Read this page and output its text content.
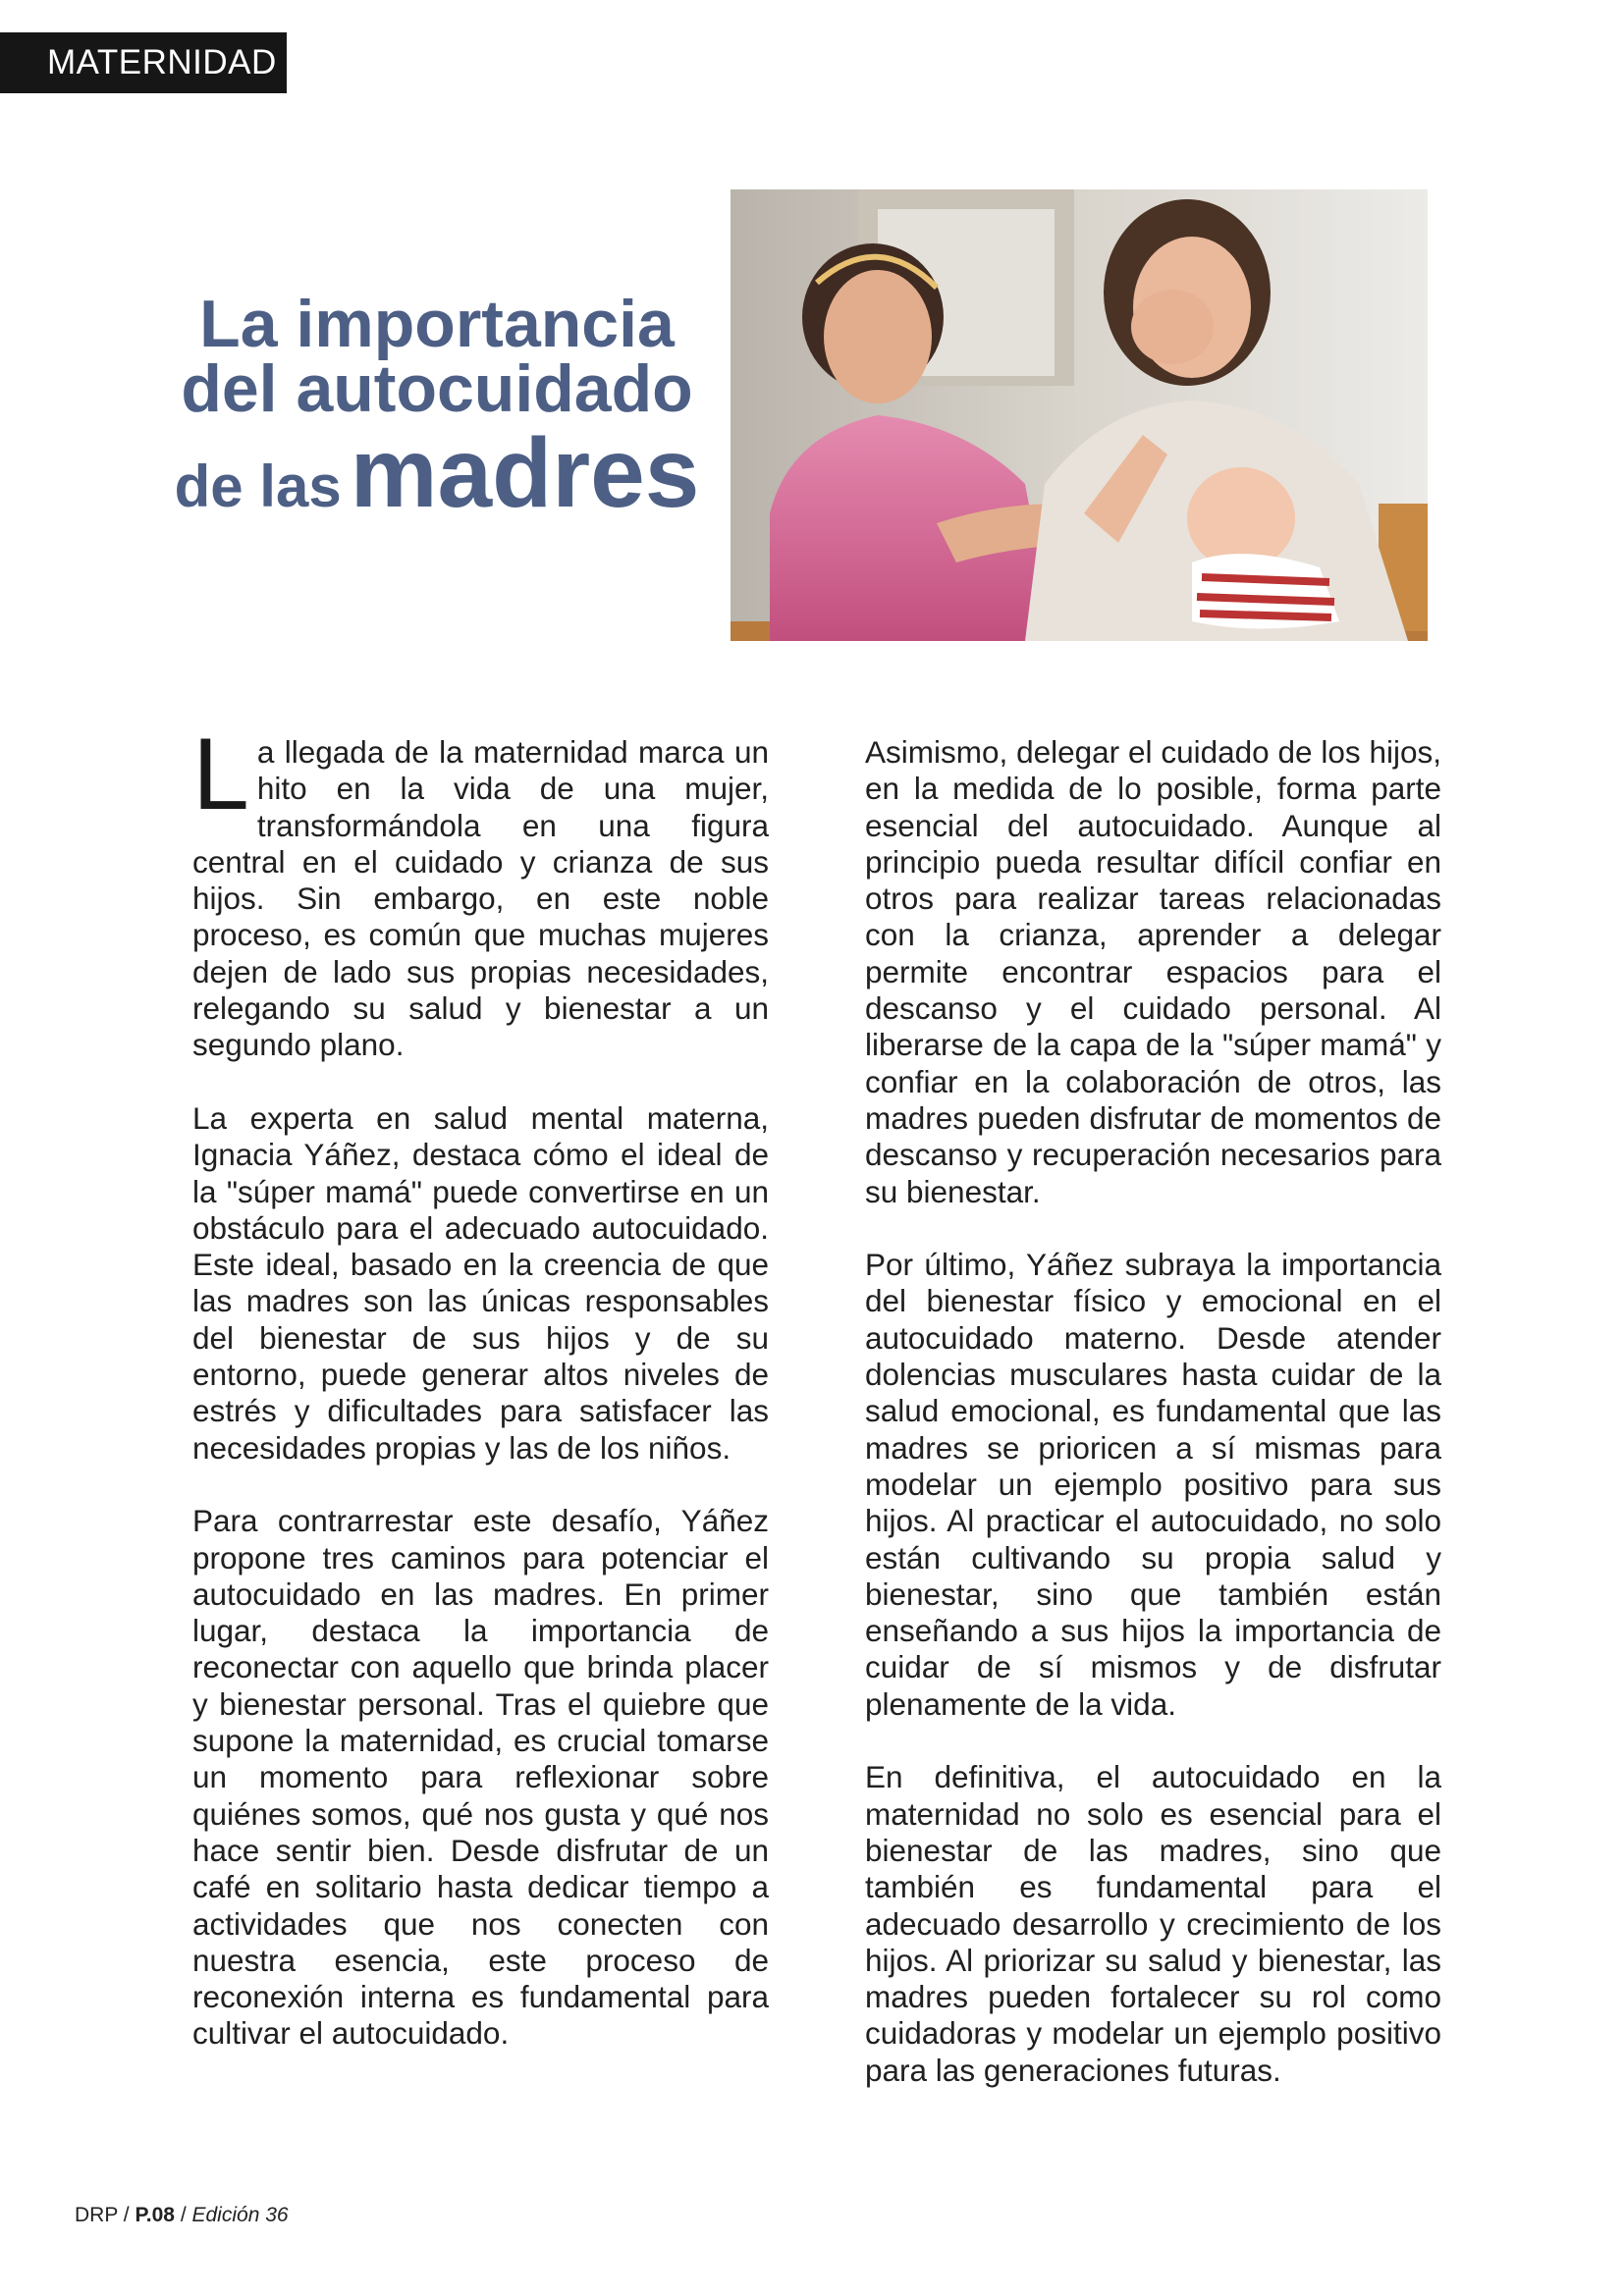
MATERNIDAD
La importancia
del autocuidado
de las madres

La llegada de la maternidad marca un hito en la vida de una mujer, transformándola en una figura central en el cuidado y crianza de sus hijos. Sin embargo, en este noble proceso, es común que muchas mujeres dejen de lado sus propias necesidades, relegando su salud y bienestar a un segundo plano.

La experta en salud mental materna, Ignacia Yáñez, destaca cómo el ideal de la "súper mamá" puede convertirse en un obstáculo para el adecuado autocuidado. Este ideal, basado en la creencia de que las madres son las únicas responsables del bienestar de sus hijos y de su entorno, puede generar altos niveles de estrés y dificultades para satisfacer las necesidades propias y las de los niños.

Para contrarrestar este desafío, Yáñez propone tres caminos para potenciar el autocuidado en las madres. En primer lugar, destaca la importancia de reconectar con aquello que brinda placer y bienestar personal. Tras el quiebre que supone la maternidad, es crucial tomarse un momento para reflexionar sobre quiénes somos, qué nos gusta y qué nos hace sentir bien. Desde disfrutar de un café en solitario hasta dedicar tiempo a actividades que nos conecten con nuestra esencia, este proceso de reconexión interna es fundamental para cultivar el autocuidado.

Asimismo, delegar el cuidado de los hijos, en la medida de lo posible, forma parte esencial del autocuidado. Aunque al principio pueda resultar difícil confiar en otros para realizar tareas relacionadas con la crianza, aprender a delegar permite encontrar espacios para el descanso y el cuidado personal. Al liberarse de la capa de la "súper mamá" y confiar en la colaboración de otros, las madres pueden disfrutar de momentos de descanso y recuperación necesarios para su bienestar.

Por último, Yáñez subraya la importancia del bienestar físico y emocional en el autocuidado materno. Desde atender dolencias musculares hasta cuidar de la salud emocional, es fundamental que las madres se prioricen a sí mismas para modelar un ejemplo positivo para sus hijos. Al practicar el autocuidado, no solo están cultivando su propia salud y bienestar, sino que también están enseñando a sus hijos la importancia de cuidar de sí mismos y de disfrutar plenamente de la vida.

En definitiva, el autocuidado en la maternidad no solo es esencial para el bienestar de las madres, sino que también es fundamental para el adecuado desarrollo y crecimiento de los hijos. Al priorizar su salud y bienestar, las madres pueden fortalecer su rol como cuidadoras y modelar un ejemplo positivo para las generaciones futuras.

DRP / P.08 / Edición 36
